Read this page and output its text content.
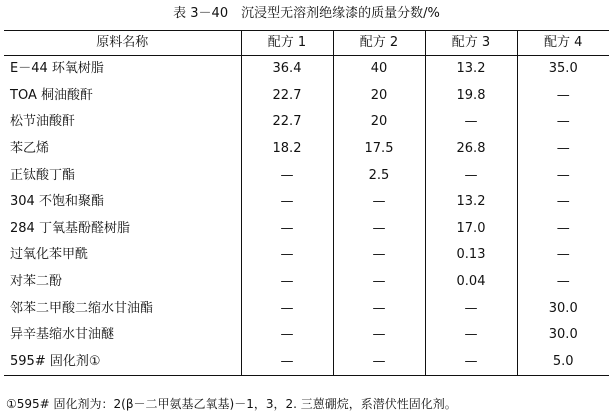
表 3－40　沉浸型无溶剂绝缘漆的质量分数/%
原料名称	配方 1	配方 2	配方 3	配方 4
E－44 环氧树脂	36.4	40	13.2	35.0
TOA 桐油酸酐	22.7	20	19.8	—
松节油酸酐	22.7	20	—	—
苯乙烯	18.2	17.5	26.8	—
正钛酸丁酯	—	2.5	—	—
304 不饱和聚酯	—	—	13.2	—
284 丁氧基酚醛树脂	—	—	17.0	—
过氧化苯甲酰	—	—	0.13	—
对苯二酚	—	—	0.04	—
邻苯二甲酸二缩水甘油酯	—	—	—	30.0
异辛基缩水甘油醚	—	—	—	30.0
595# 固化剂①	—	—	—	5.0
①595# 固化剂为：2(β－二甲氨基乙氧基)－1，3，2. 三蒽硼烷，系潜伏性固化剂。
